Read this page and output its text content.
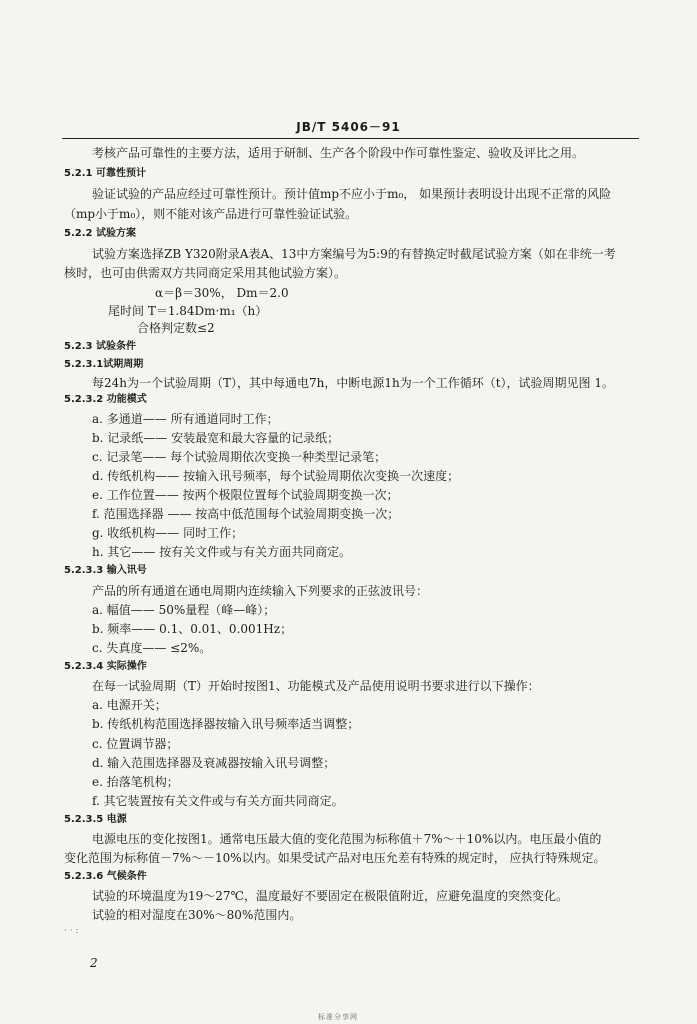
JB/T 5406－91
考核产品可靠性的主要方法，适用于研制、生产各个阶段中作可靠性鉴定、验收及评比之用。
5.2.1 可靠性预计
验证试验的产品应经过可靠性预计。预计值mp不应小于m₀， 如果预计表明设计出现不正常的风险
（mp小于m₀），则不能对该产品进行可靠性验证试验。
5.2.2 试验方案
试验方案选择ZB Y320附录A表A、13中方案编号为5:9的有替换定时截尾试验方案（如在非统一考
核时，也可由供需双方共同商定采用其他试验方案）。
α＝β＝30%， Dm＝2.0
尾时间 T＝1.84Dm·m₁（h）
合格判定数≤2
5.2.3 试验条件
5.2.3.1试期周期
每24h为一个试验周期（T），其中每通电7h，中断电源1h为一个工作循环（t），试验周期见图 1。
5.2.3.2 功能模式
a. 多通道—— 所有通道同时工作；
b. 记录纸—— 安装最宽和最大容量的记录纸；
c. 记录笔—— 每个试验周期依次变换一种类型记录笔；
d. 传纸机构—— 按输入讯号频率，每个试验周期依次变换一次速度；
e. 工作位置—— 按两个极限位置每个试验周期变换一次；
f. 范围选择器 —— 按高中低范围每个试验周期变换一次；
g. 收纸机构—— 同时工作；
h. 其它—— 按有关文件或与有关方面共同商定。
5.2.3.3 输入讯号
产品的所有通道在通电周期内连续输入下列要求的正弦波讯号：
a. 幅值—— 50%量程（峰—峰）；
b. 频率—— 0.1、0.01、0.001Hz；
c. 失真度—— ≤2%。
5.2.3.4 实际操作
在每一试验周期（T）开始时按图1、功能模式及产品使用说明书要求进行以下操作：
a. 电源开关；
b. 传纸机构范围选择器按输入讯号频率适当调整；
c. 位置调节器；
d. 输入范围选择器及衰减器按输入讯号调整；
e. 抬落笔机构；
f. 其它装置按有关文件或与有关方面共同商定。
5.2.3.5 电源
电源电压的变化按图1。通常电压最大值的变化范围为标称值＋7%～＋10%以内。电压最小值的
变化范围为标称值－7%～－10%以内。如果受试产品对电压允差有特殊的规定时， 应执行特殊规定。
5.2.3.6 气候条件
试验的环境温度为19～27℃，温度最好不要固定在极限值附近，应避免温度的突然变化。
试验的相对湿度在30%～80%范围内。
· · :
2
标准分享网
